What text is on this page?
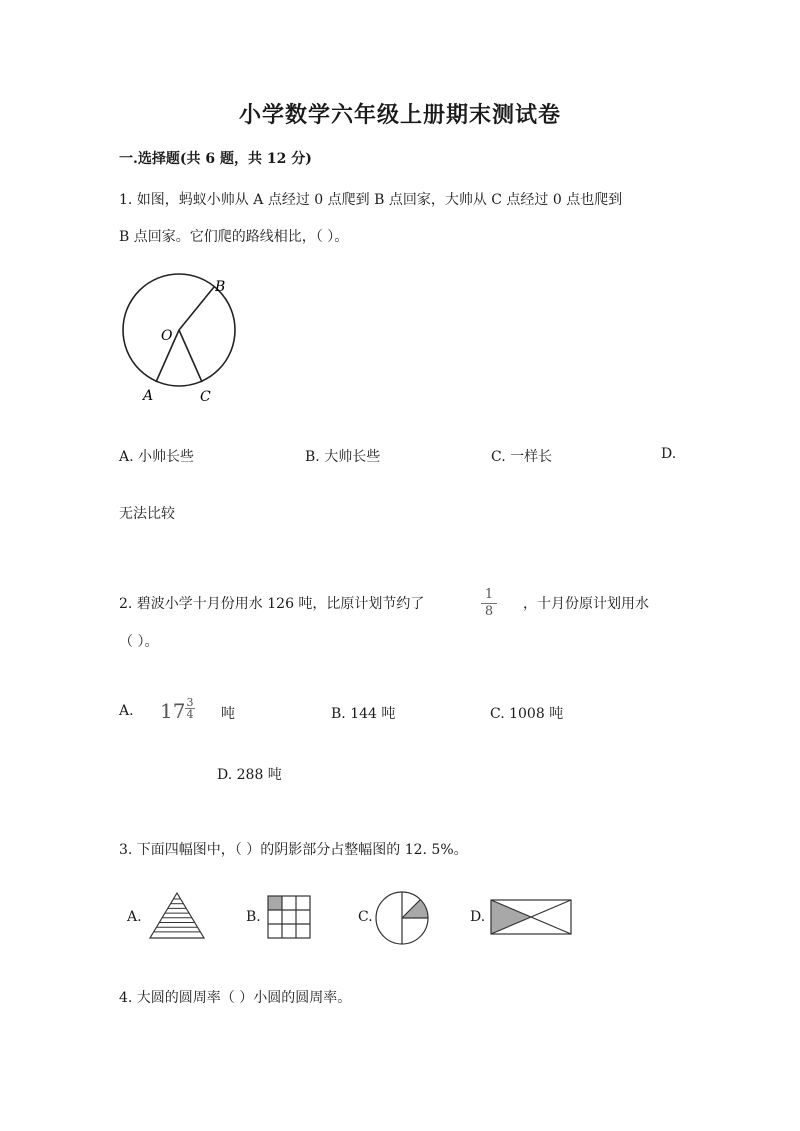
小学数学六年级上册期末测试卷
一.选择题(共 6 题，共 12 分)
1. 如图，蚂蚁小帅从 A 点经过 0 点爬到 B 点回家，大帅从 C 点经过 0 点也爬到
B 点回家。它们爬的路线相比，（ ）。
O
B
A	C
A. 小帅长些	B. 大帅长些	C. 一样长	D.
无法比较
2. 碧波小学十月份用水 126 吨，比原计划节约了
1
8 ，十月份原计划用水
（ ）。
A. 17 3
4 吨	B. 144 吨	C. 1008 吨
D. 288 吨
3. 下面四幅图中，（ ）的阴影部分占整幅图的 12. 5%。
A.	B.	C.	D.
4. 大圆的圆周率（ ）小圆的圆周率。
